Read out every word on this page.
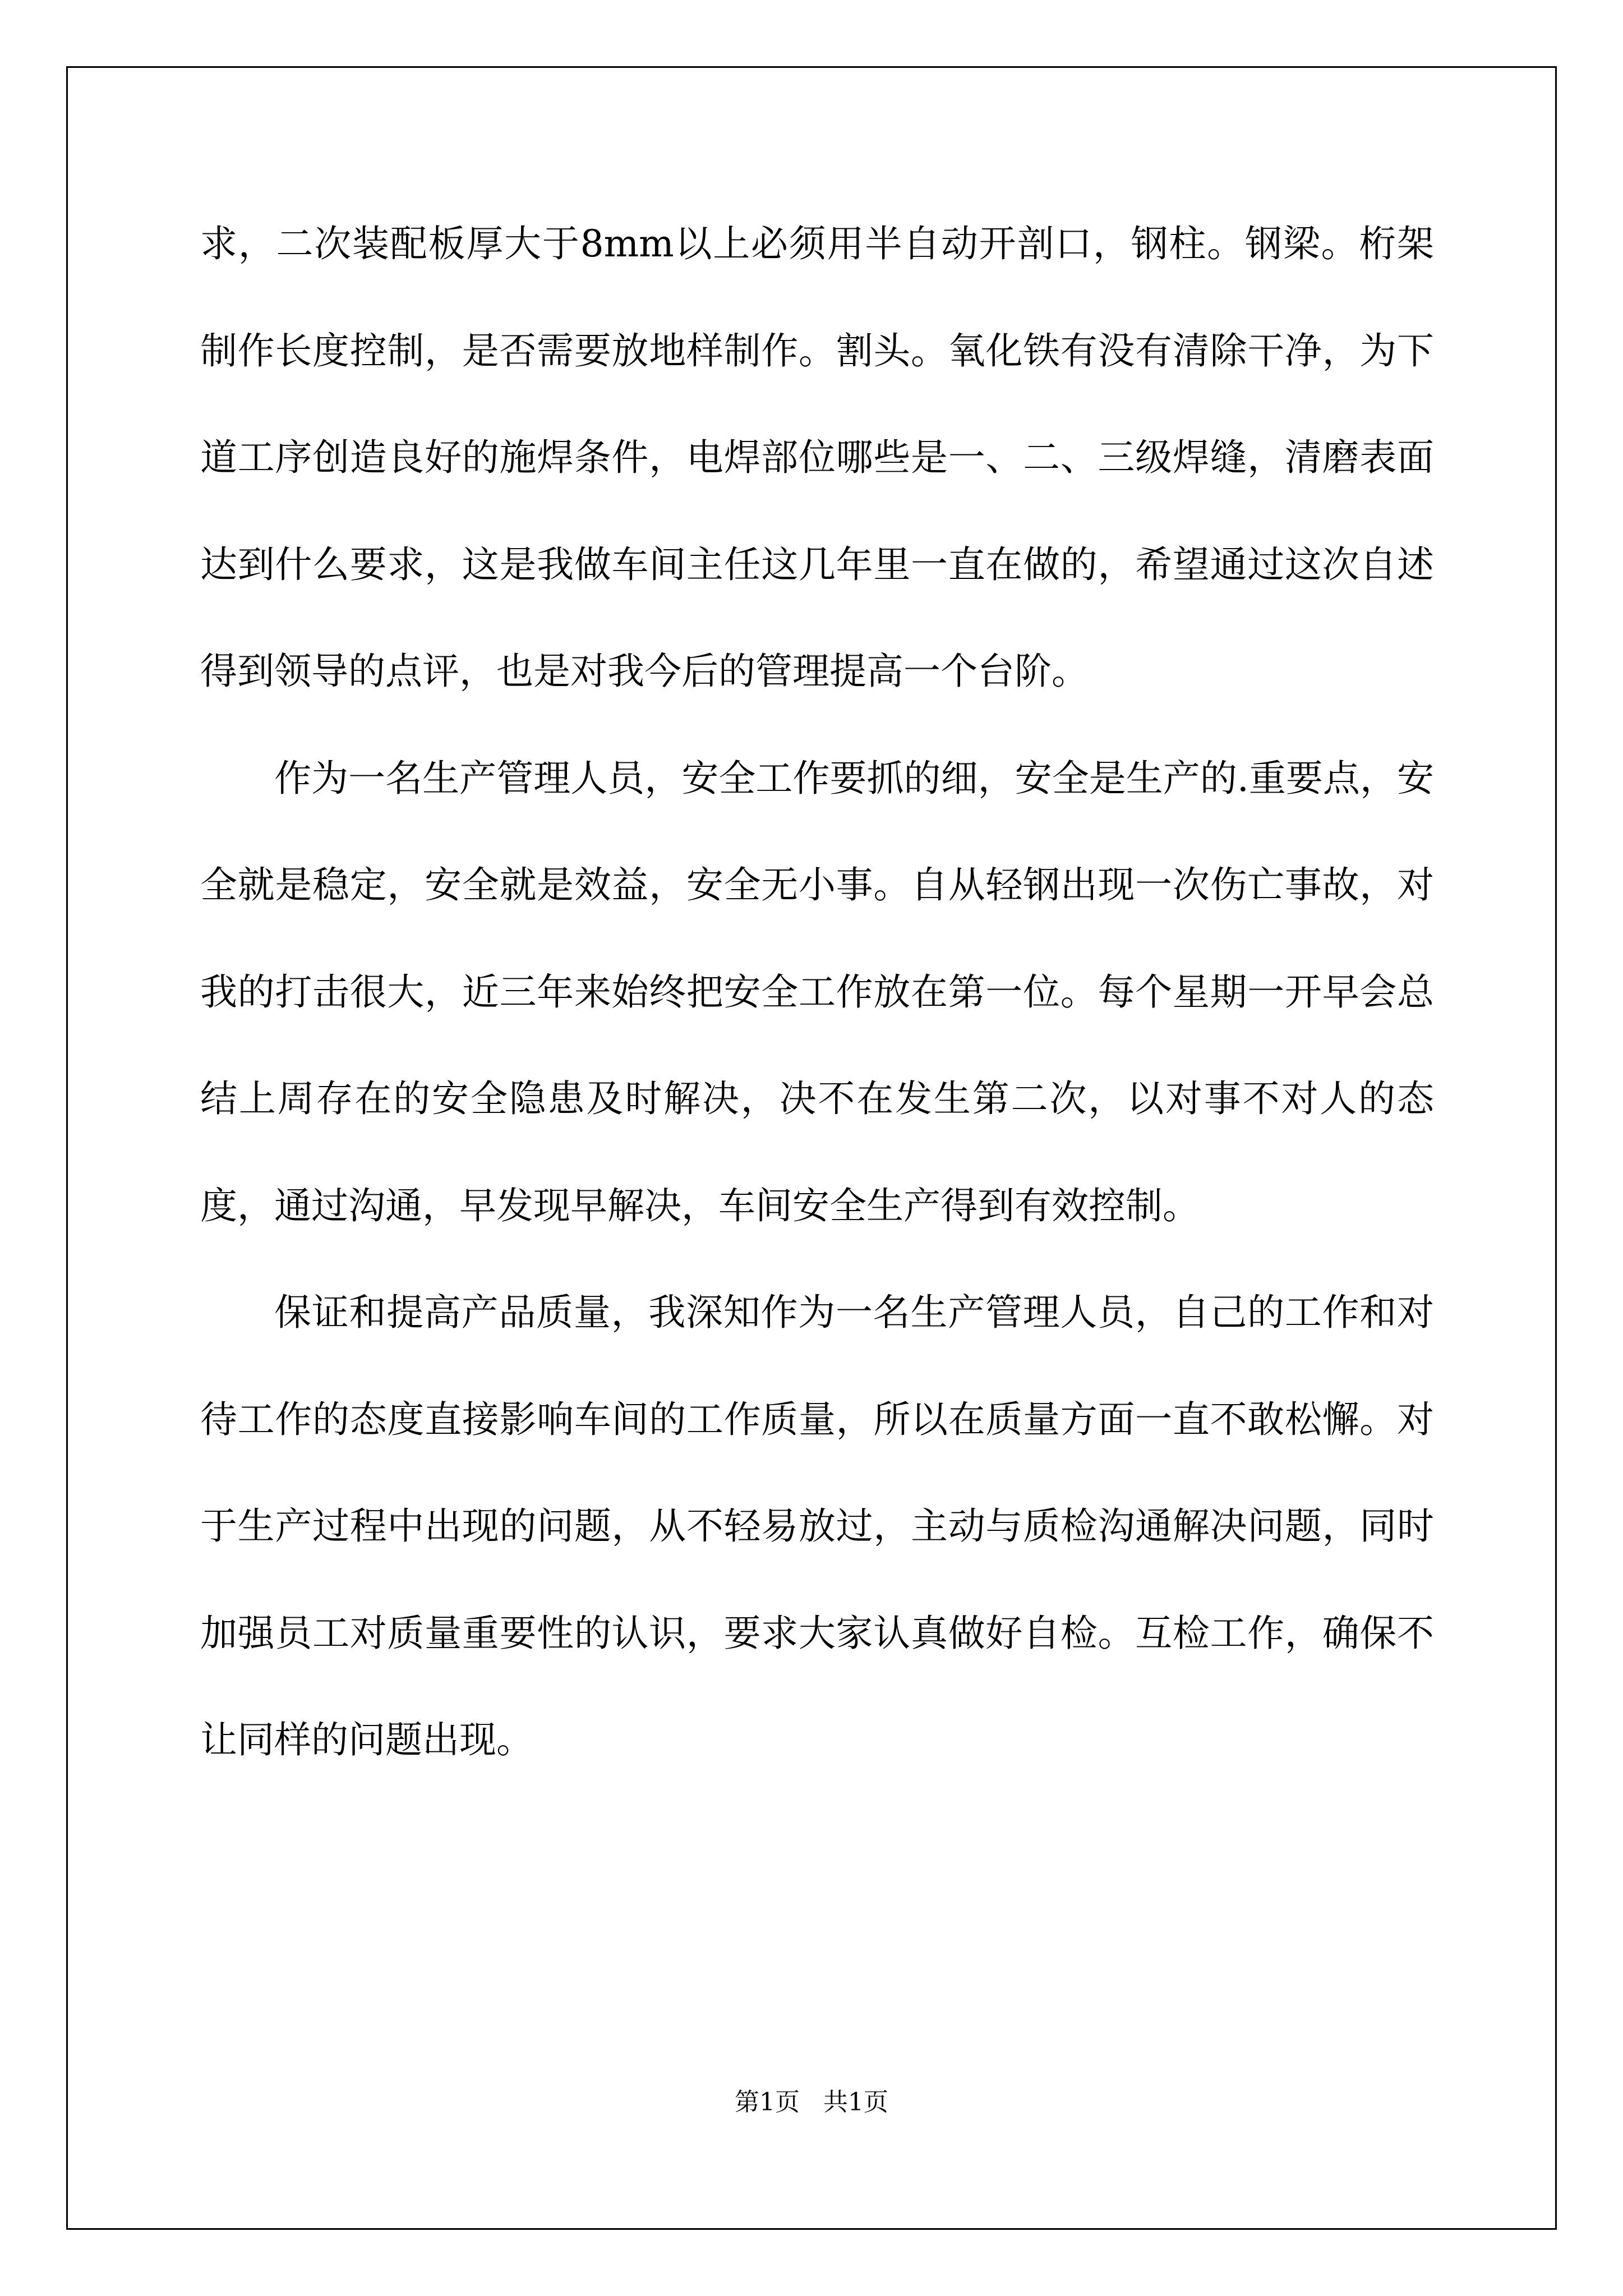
求，二次装配板厚大于8mm以上必须用半自动开剖口，钢柱。钢梁。桁架制作长度控制，是否需要放地样制作。割头。氧化铁有没有清除干净，为下道工序创造良好的施焊条件，电焊部位哪些是一、二、三级焊缝，清磨表面达到什么要求，这是我做车间主任这几年里一直在做的，希望通过这次自述得到领导的点评，也是对我今后的管理提高一个台阶。

作为一名生产管理人员，安全工作要抓的细，安全是生产的.重要点，安全就是稳定，安全就是效益，安全无小事。自从轻钢出现一次伤亡事故，对我的打击很大，近三年来始终把安全工作放在第一位。每个星期一开早会总结上周存在的安全隐患及时解决，决不在发生第二次，以对事不对人的态度，通过沟通，早发现早解决，车间安全生产得到有效控制。

保证和提高产品质量，我深知作为一名生产管理人员，自己的工作和对待工作的态度直接影响车间的工作质量，所以在质量方面一直不敢松懈。对于生产过程中出现的问题，从不轻易放过，主动与质检沟通解决问题，同时加强员工对质量重要性的认识，要求大家认真做好自检。互检工作，确保不让同样的问题出现。

第1页   共1页
